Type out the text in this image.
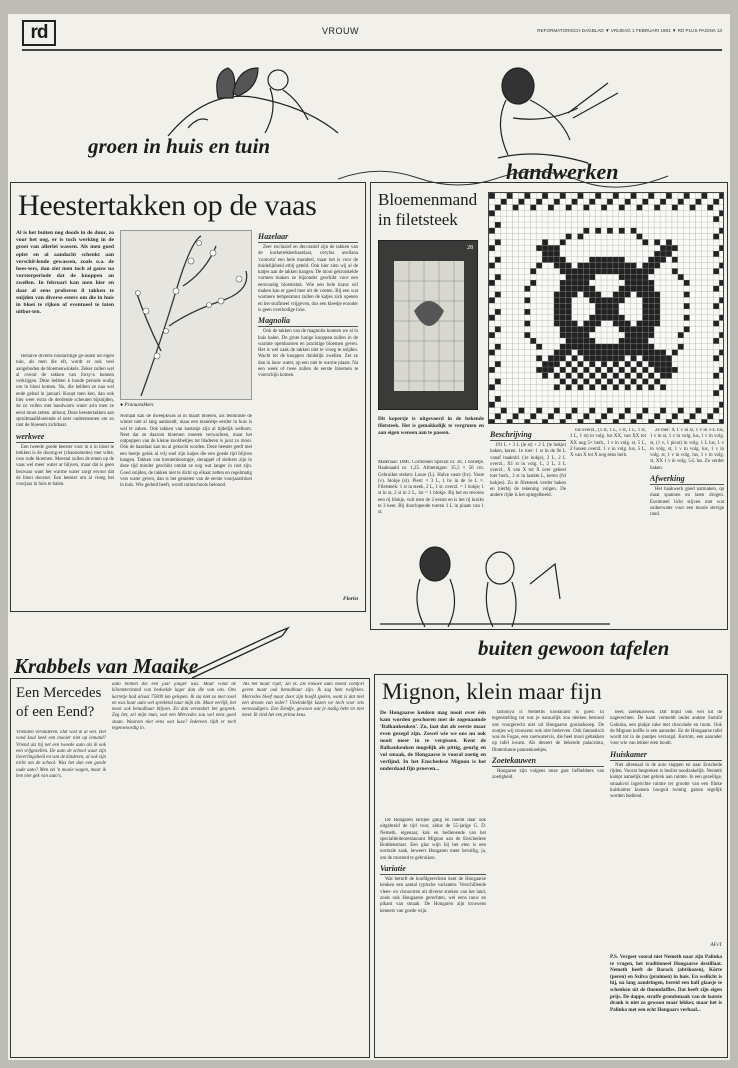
rd	VROUW	REFORMATORISCH DAGBLAD ▼ VRIJDAG 1 FEBRUARI 1991 ▼ RD PLUS PAGINA 13
groen in huis en tuin
handwerken
Heestertakken op de vaas
Al is het buiten nog doods in de duur, zo voor het oog, er is toch werking in de groei van allerlei wassen. Als men goed oplet en al aandacht schenkt aan verschil-lende gewassen, zoals o.a. de hees-ters, dan ziet men toch al gauw na vorsterperiode dat de knoppen an zwellen. In februari kan men hier en daar al eens proberen il takken te snijden van diverse esters om die in huis in bloei te rijken of eventueel te laten uitbot-ten.

Behalve diverse houtachtige ge-assen uit eigen tuin, als men die eft, wordt er ook veel aangeboden de bloemenwinkels. Zeker zullen wel al overal de takken van forsy-a kunnen verkrijgen. Deze hebben k houde periode nodig om in bloei komen. Nu, die hebben ze naa wel ende gehad in januari. Koopt men ken, dan ook hier weer extra de derdende scheuten bijsnijden, de zo vullen met handwarm water arin men ze eerst moet zetten. ahhout, Deze heestertakken aan spruitmaalbloeiende el neer ondersteunen om zo rant de bloesem zichtbaar.

werkwee

Een tweede goede heester voor in n in bloei te trekken is de doorng-er (chaenomeles) met witte, rose rode bloemen. Meestal zullen de emen op de vaas wel meer water ar blijven, maar dat is geen bezwaar want het warme water zorgt ervoor dat de bloei doorzet. Een heester om al vroeg het voorjaar in huis te halen.

● Prunustakken.
Nomaal kan de dweepkwas al in maart bloeien, als tenminste de winter niet al lang aanhoudt, maar een mannetje eerder in huis is wel te zaken. Ook takken van kastanje zijn al tijdelijk welkom. Neet dat ze daarom bloemen moeten verwachten, maar het ontpoppen van de kleine knobbeltjes tot bladeren is juist zo mooi. Ook de hazelaar kan nu al gekocht worden. Deze heester geeft met een beetje geluk al vrij snel zijn katjes die een goede tijd blijven hangen. Takken van krentenboompje, sierappel of sierkers zijn in deze tijd minder geschikt omdat ze nog wat langer in rust zijn. Goed snijden, de takken niet te dicht op elkaar zetten en regelmatig vers water geven, dan is het genieten van de eerste voorjaarsbloei in huis. Wie geduld heeft, wordt ruimschoots beloond.
Hazelaar

Zeer exclusief en decoratief zijn de takken van de kurketrekkerhazelaar, corylus avellana 'contorta' een hele mondeel, maar het is voor de duidelijkheid erbij geteld. Ook hier zien wij al de katjes aan de takken hangen. De mooi gekronkelde vormen maken ze bijzonder geschikt voor een eenvoudig bloemstuk. Wie een hele krans wil maken kan er goed mee uit de voeten. Bij een wat warmere temperatuur zullen de katjes zich openen en het stuifmeel vrijgeven, dus een kleedje eronder is geen overbodige luxe.

Magnolia

Ook de takken van de magnolia kunnen we al in huis halen. De grote harige knoppen zullen in de warmte openbarsten en prachtige bloemen geven. Het is wel zaak de takken niet te vroeg te snijden. Wacht tot de knoppen duidelijk zwellen. Zet ze dan in lauw water, op een niet te warme plaats. Na een week of twee zullen de eerste bloemen te voorschijn komen.

Florist
Bloemenmand
in filetsteek
28
Dit kopertje is uitgevoerd in de bekende filetsteek. Het is gemakkelijk te vergroten en aan eigen wensen aan te passen.
Materiaal: DMC Cordonnet Special nr. 30, 1 bolletje. Haaknaald nr. 1,25. Afmetingen: 35,5 × 56 cm. Gebruikte steken: Losse (L). Halve vaste (hv). Vaste (v). Stokje (st). Piest: × 3 L, 1 hv in de 1e L ×. Filetsteek: 1 st in steek, 2 L, 1 st. overzl. = 1 hokje; 1 st in st, 2 st in 2 L, 1st = 1 blokje. Bij het en tevoren een rij blokje, vult men de 2 eerste en is het rij kruiks te 3 keer. Bij doorlopende toeren 1 L in plaats van 1 st.
Beschrijving

191 L + 3 L (le st) + 2 L (le hokje) haken, keren. 1e toer: 1 st in de 9e L vanaf haaknld. (1e hokje), 2 L, 2 L overzl., X1 st in volg. L, 2 L, 2 L overzl., X van X tot X over geheel toer herh., 3 st in laatste L, keren (64 hokjes). Zo in filetsteek verder haken en hierbij de tekening volgen. De andere rijde is het spiegelbeeld.

lus overzl., (1 st, 1 L, 1 st, 1 L, 1 st, 1 L, 1 st) in volg. lus XX, van XX tot XX nog 5× herh., 1 v in volg. st, 5 L, 2 lussen overzl. 1 v in volg. lus, 5 L, X van X tot X nog eens herh.

2e toer: X 1 v in st, 1 v in 1-L lus, 1 v in st, 1 v in volg. lus, 1 v in volg. st, (1 v, 1 picot) in volg. 1 L lus, 1 v in volg. st, 1 v in volg. lus, 1 v in volg. st, 1 v in volg. lus, 1 v in volg. st, XX 1 v in volg. 5-L lus. Zo verder haken.

Afwerking

Het haakwerk goed natmaken, op maat spannen en laten drogen. Eventueel licht stijven met wat suikerwater voor een mooie stevige rand.

Krabbels van Maaike
buiten gewoon tafelen
Een Mercedes of een Eend?
Vrienden veranderen. Dat wist ik al wel. Het vond kaal keek een mooier niet op iemand? Vriend als hij net een tweede auto als ik ook een vrijgezellen. De auto de school waar zijn lieverlingsheid en van de kinderen, al ook zijn nicht om de school. Was het dan een goede oude auto? Men zei 'n mooie wagen, maar ik ben niet gek van auto's.
auto binnen die een jaar jonger was. Maar vond de kilometerstand van bedoelde lager dan die van ons. Ons karretje had alvast 75000 km gelopen. Ik sta niet zo met rosel en was haar auto wel sprekend naar mijn zin. Maar eerlijk, het moet ook betaalbaar blijven. En dan verandert het gesprek. Zeg het, zei mijn man, wat een Mercedes zou wel eens goed staan. Waarom niet eens wat luxe? Iedereen rijdt er toch tegenwoordig in.
'Als het maar rijdt,' zei ik. De nieuwe auto moest comfort geven maar ook betaalbaar zijn. Ik zag hem twijfelen. Mercedes bleef maar door zijn hoofd spelen, want is dat niet een droom van ieder? Uiteindelijk kozen we toch voor iets eenvoudigers. Een Eendje, gewoon wat je nodig hebt en niet meer. Ik vind het een prima keus.
Mignon, klein maar fijn
De Hongaarse keuken mag nooit over één kam worden geschoren met de zogenaamde 'Balkankeuken'. Zo, laat dat als eerste maar even gezegd zijn. Zowel wie we ons nu ook nooit meer in te vergissen. Kent de Balkankeuken mogelijk als pittig, geurig en vol smaak, de Hongaarse is vooral zoetig en verfijnd. In het Enschedese Mignon is het onderdaad fijn proeven...

De Hongaren talrijke gang en noemt daar ook uitgebreid de tijd voor, aldus de 55-jarige G. D. Nemeth, eigenaar, kok en bedienende van het specialiteitenrestaurant Mignon aan de Enschedese Boddenstraat. Een glas wijn bij het eten is een normale zaak, beweert Hongaren meer bevallig, ja, om de mosterd te gebruiken.

Variatie

Wat betreft de hoofdgerechten kent de Hongaarse keuken een aantal typische varianten. Verschillende vlees- en visnoorten uit diverse streken van het land, zoals ook Hongaarse gerechten, wel eens rauw en pikant van smaak. De Hongaren zijn trouwens kenners van goede wijn.

tarhonya is Nemeths kookkunst is goed. In tegenstelling tot wat je natuurlijk zou denken bestond ons voorgerecht niet uit Hongaarse goulashsoep. De zoutjes wij trouwens ook niet bederven. Ook fantastisch was de Fogas, een zoetwatervis, die heel mooi gebakken op tafel kwam. Als dessert de bekende palacsinta, flinterdunne pannenkoekjes.

Zoetekauwen

Hongaren zijn volgens onze gast liefhebbers van zoetigheid.

beer, zoetekauwen. Dat blijkt ook wel uit de nagerechten. De kaart vermeldt onder andere Somlói Galuska, een plakje cake met chocolade en room. Ook de Mignon koffie is een aanrader. En de Hongaarse tafel wordt tot in de puntjes verzorgd. Kortom, een aanrader voor wie van lekker eten houdt.

Huiskamer

Niet alleenaal in de auto stappen en naar Enschede rijden. Voorat bespreken is beslist noodzakelijk. Nemeth kampt namelijk met gebrek aan ruimte. In een gezellige, smaakvol ingerichte ruimte ter grootte van een flinke huiskamer kunnen hooguit twintig gasten tegelijk worden bediend.

AFvT
P.S. Vergeet vooral niet Nemeth naar zijn Palinka te vragen, het traditioneel Hongaarse destillaat. Nemeth heeft de Barack (abrikozen), Körte (peren) en Szilva (pruimen) in huis. En wellicht is hij, na lang aandringen, bereid een half glaasje te schenken uit de finomdaffles. Dat heeft zijn eigen prijs. De dappe, straffe grondsmaak van de laatste drank is niet zo gewoon maar lekker, maar het is Palinka met een echt Hongaars verhaal...
